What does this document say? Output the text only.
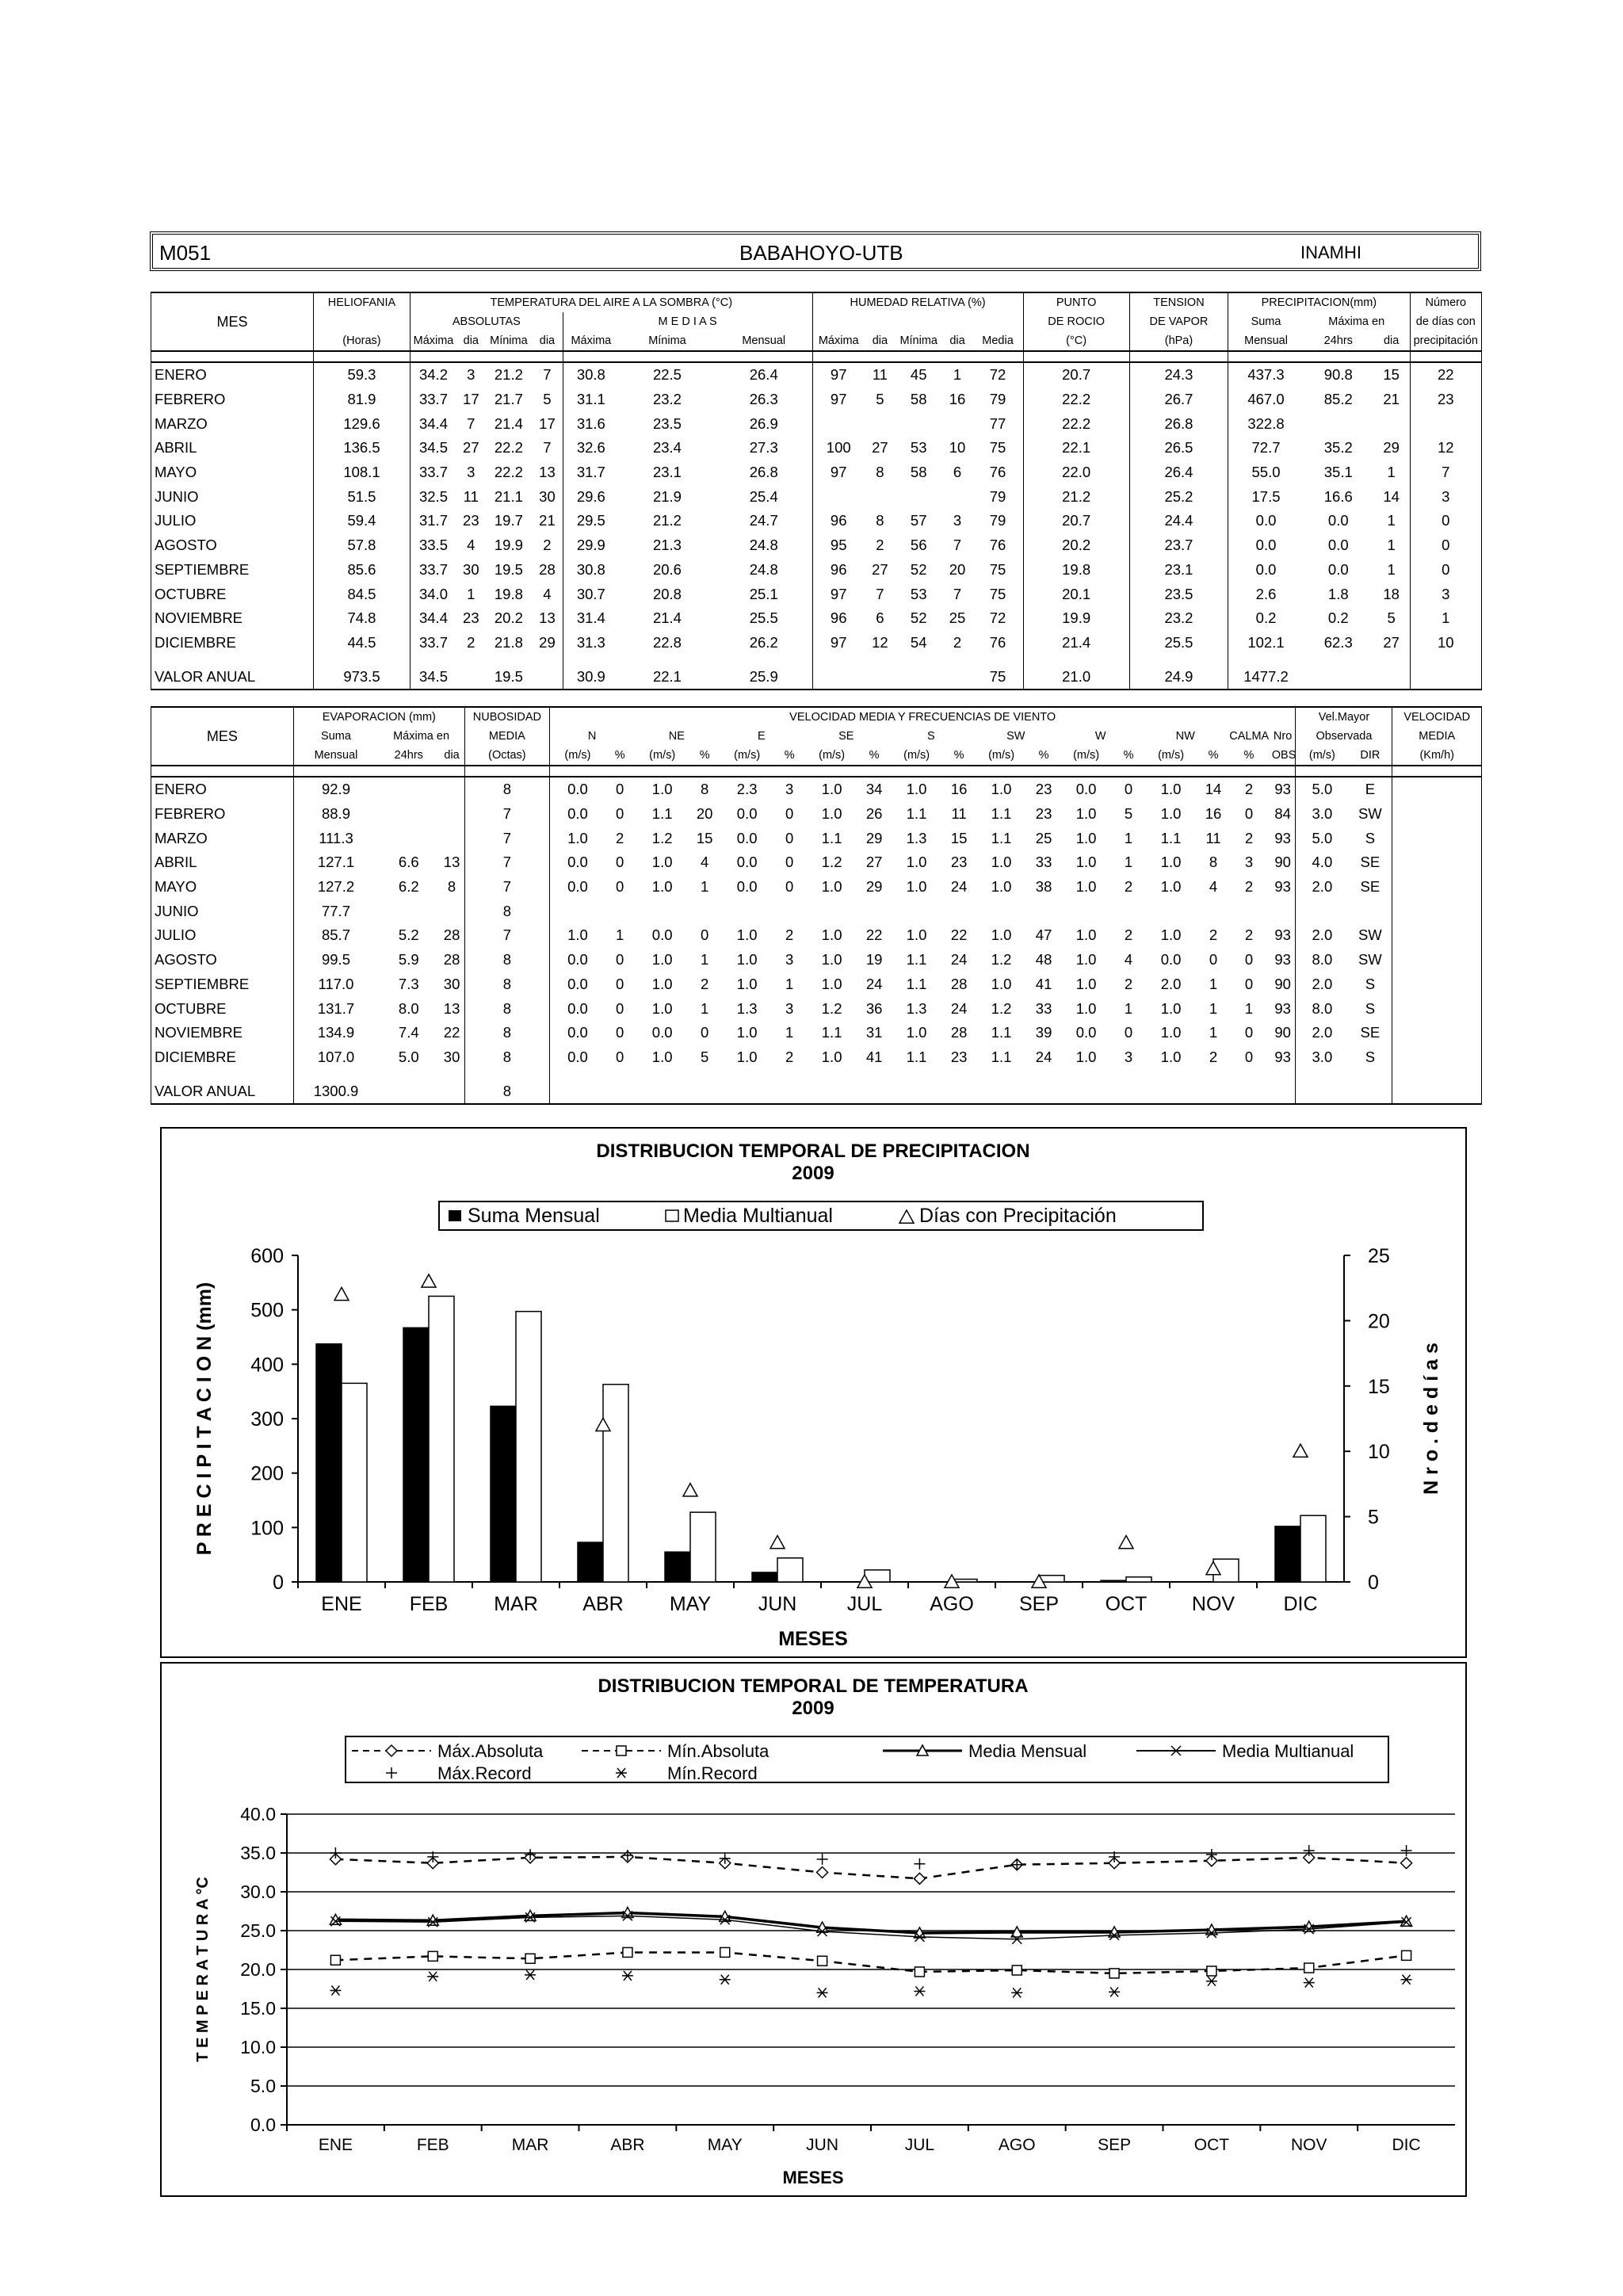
M051	BABAHOYO-UTB	INAMHI
	HELIOFANIA	TEMPERATURA DEL AIRE A LA SOMBRA (°C)							HUMEDAD RELATIVA (%)					PUNTO	TENSION	PRECIPITACION(mm)			Número
MES		ABSOLUTAS				M E D I A S								DE ROCIO	DE VAPOR	Suma	Máxima en		de días con
	(Horas)	Máxima	dia	Mínima	dia	Máxima	Mínima	Mensual	Máxima	dia	Mínima	dia	Media	(°C)	(hPa)	Mensual	24hrs	dia	precipitación

ENERO	59.3	34.2	3	21.2	7	30.8	22.5	26.4	97	11	45	1	72	20.7	24.3	437.3	90.8	15	22
FEBRERO	81.9	33.7	17	21.7	5	31.1	23.2	26.3	97	5	58	16	79	22.2	26.7	467.0	85.2	21	23
MARZO	129.6	34.4	7	21.4	17	31.6	23.5	26.9					77	22.2	26.8	322.8			
ABRIL	136.5	34.5	27	22.2	7	32.6	23.4	27.3	100	27	53	10	75	22.1	26.5	72.7	35.2	29	12
MAYO	108.1	33.7	3	22.2	13	31.7	23.1	26.8	97	8	58	6	76	22.0	26.4	55.0	35.1	1	7
JUNIO	51.5	32.5	11	21.1	30	29.6	21.9	25.4					79	21.2	25.2	17.5	16.6	14	3
JULIO	59.4	31.7	23	19.7	21	29.5	21.2	24.7	96	8	57	3	79	20.7	24.4	0.0	0.0	1	0
AGOSTO	57.8	33.5	4	19.9	2	29.9	21.3	24.8	95	2	56	7	76	20.2	23.7	0.0	0.0	1	0
SEPTIEMBRE	85.6	33.7	30	19.5	28	30.8	20.6	24.8	96	27	52	20	75	19.8	23.1	0.0	0.0	1	0
OCTUBRE	84.5	34.0	1	19.8	4	30.7	20.8	25.1	97	7	53	7	75	20.1	23.5	2.6	1.8	18	3
NOVIEMBRE	74.8	34.4	23	20.2	13	31.4	21.4	25.5	96	6	52	25	72	19.9	23.2	0.2	0.2	5	1
DICIEMBRE	44.5	33.7	2	21.8	29	31.3	22.8	26.2	97	12	54	2	76	21.4	25.5	102.1	62.3	27	10

VALOR ANUAL	973.5	34.5		19.5		30.9	22.1	25.9					75	21.0	24.9	1477.2			
	EVAPORACION (mm)			NUBOSIDAD	VELOCIDAD MEDIA Y FRECUENCIAS DE VIENTO																		Vel.Mayor		VELOCIDAD
MES	Suma	Máxima en		MEDIA	N		NE		E		SE		S		SW		W		NW		CALMA	Nro	Observada		MEDIA
	Mensual	24hrs	dia	(Octas)	(m/s)	%	(m/s)	%	(m/s)	%	(m/s)	%	(m/s)	%	(m/s)	%	(m/s)	%	(m/s)	%	%	OBS	(m/s)	DIR	(Km/h)

ENERO	92.9			8	0.0	0	1.0	8	2.3	3	1.0	34	1.0	16	1.0	23	0.0	0	1.0	14	2	93	5.0	E	
FEBRERO	88.9			7	0.0	0	1.1	20	0.0	0	1.0	26	1.1	11	1.1	23	1.0	5	1.0	16	0	84	3.0	SW	
MARZO	111.3			7	1.0	2	1.2	15	0.0	0	1.1	29	1.3	15	1.1	25	1.0	1	1.1	11	2	93	5.0	S	
ABRIL	127.1	6.6	13	7	0.0	0	1.0	4	0.0	0	1.2	27	1.0	23	1.0	33	1.0	1	1.0	8	3	90	4.0	SE	
MAYO	127.2	6.2	8	7	0.0	0	1.0	1	0.0	0	1.0	29	1.0	24	1.0	38	1.0	2	1.0	4	2	93	2.0	SE	
JUNIO	77.7			8																					
JULIO	85.7	5.2	28	7	1.0	1	0.0	0	1.0	2	1.0	22	1.0	22	1.0	47	1.0	2	1.0	2	2	93	2.0	SW	
AGOSTO	99.5	5.9	28	8	0.0	0	1.0	1	1.0	3	1.0	19	1.1	24	1.2	48	1.0	4	0.0	0	0	93	8.0	SW	
SEPTIEMBRE	117.0	7.3	30	8	0.0	0	1.0	2	1.0	1	1.0	24	1.1	28	1.0	41	1.0	2	2.0	1	0	90	2.0	S	
OCTUBRE	131.7	8.0	13	8	0.0	0	1.0	1	1.3	3	1.2	36	1.3	24	1.2	33	1.0	1	1.0	1	1	93	8.0	S	
NOVIEMBRE	134.9	7.4	22	8	0.0	0	0.0	0	1.0	1	1.1	31	1.0	28	1.1	39	0.0	0	1.0	1	0	90	2.0	SE	
DICIEMBRE	107.0	5.0	30	8	0.0	0	1.0	5	1.0	2	1.0	41	1.1	23	1.1	24	1.0	3	1.0	2	0	93	3.0	S	

VALOR ANUAL	1300.9			8																					
DISTRIBUCION TEMPORAL DE PRECIPITACION
2009
Suma Mensual	Media Multianual	Días con Precipitación
0
100
200
300
400
500
600
0
5
10
15
20
25
ENE FEB MAR ABR MAY JUN	JUL AGO SEP OCT NOV DIC
MESES
P R E C I P I T A C I O N (mm)	N r o . d e d í a s
DISTRIBUCION TEMPORAL DE TEMPERATURA
2009
Máx.Absoluta	Mín.Absoluta	Media Mensual	Media Multianual
Máx.Record	Mín.Record
0.0
5.0
10.0
15.0
20.0
25.0
30.0
35.0
40.0
ENE	FEB	MAR	ABR	MAY	JUN	JUL	AGO	SEP	OCT	NOV	DIC
MESES
T E M P E R A T U R A °C
